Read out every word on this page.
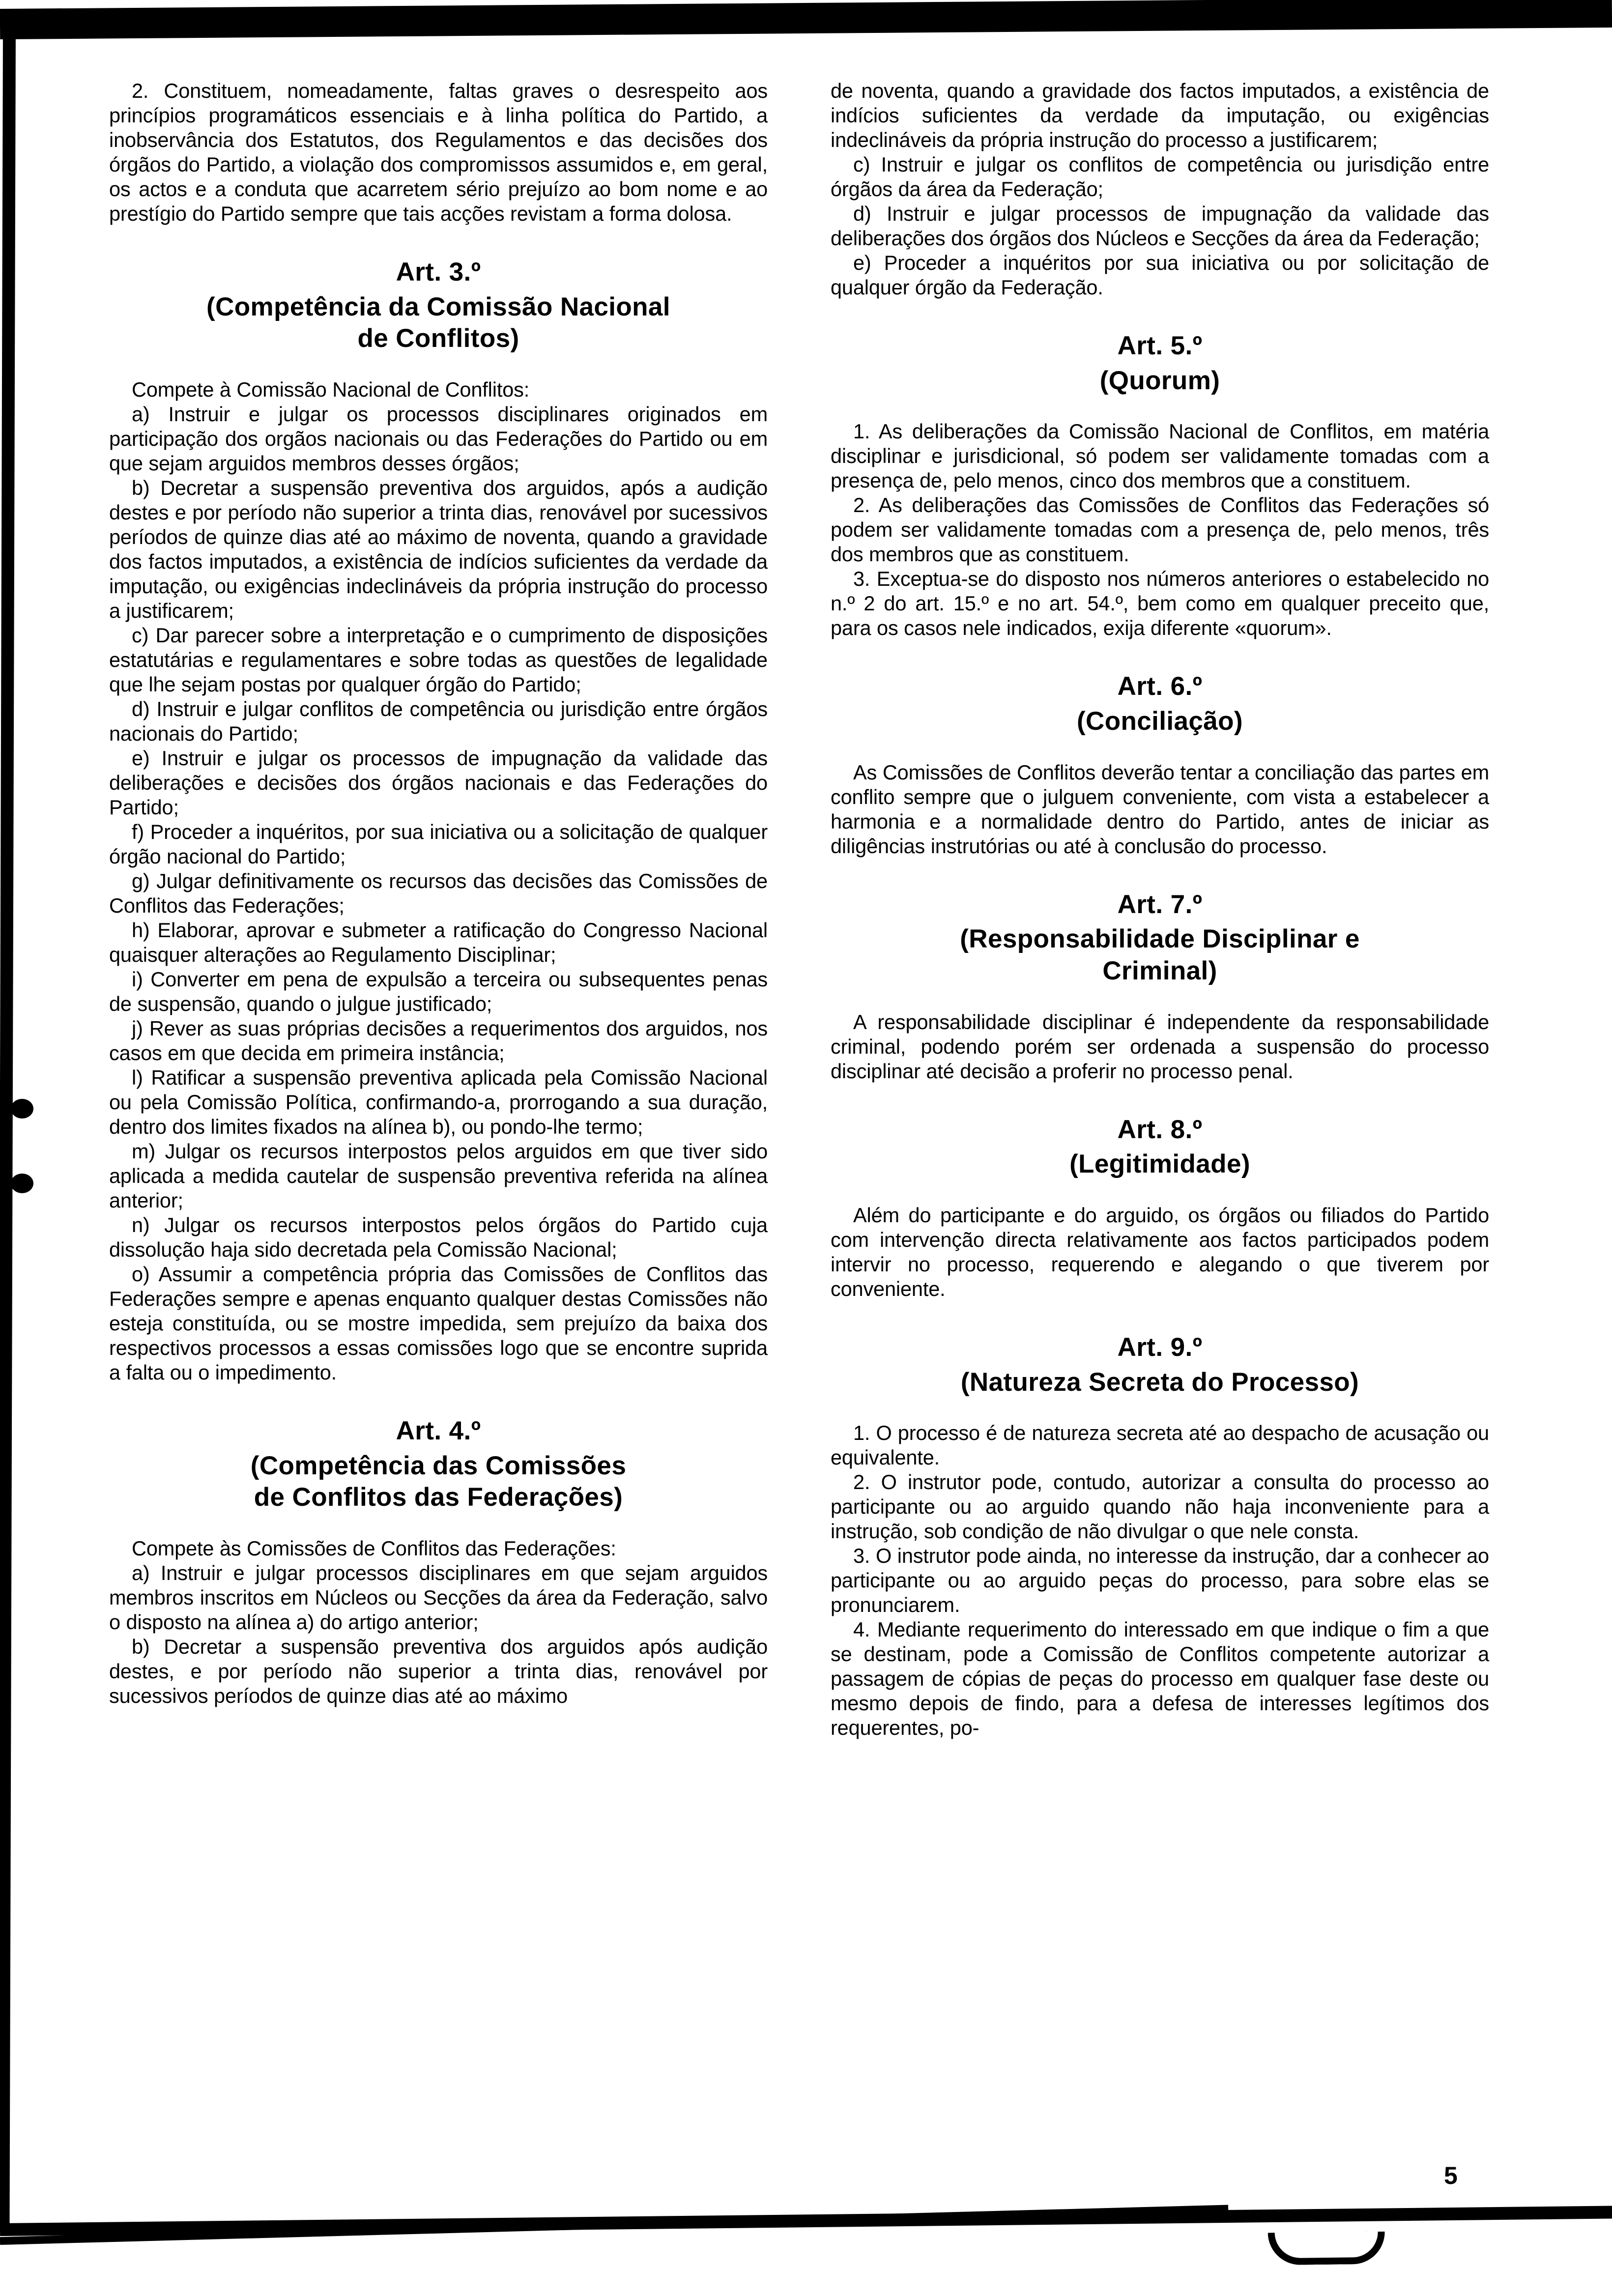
2. Constituem, nomeadamente, faltas graves o desrespeito aos princípios programáticos essenciais e à linha política do Partido, a inobservância dos Estatutos, dos Regulamentos e das decisões dos órgãos do Partido, a violação dos compromissos assumidos e, em geral, os actos e a conduta que acarretem sério prejuízo ao bom nome e ao prestígio do Partido sempre que tais acções revistam a forma dolosa.

Art. 3.º
(Competência da Comissão Nacional
de Conflitos)

Compete à Comissão Nacional de Conflitos:

a) Instruir e julgar os processos disciplinares originados em participação dos orgãos nacionais ou das Federações do Partido ou em que sejam arguidos membros desses órgãos;

b) Decretar a suspensão preventiva dos arguidos, após a audição destes e por período não superior a trinta dias, renovável por sucessivos períodos de quinze dias até ao máximo de noventa, quando a gravidade dos factos imputados, a existência de indícios suficientes da verdade da imputação, ou exigências indeclináveis da própria instrução do processo a justificarem;

c) Dar parecer sobre a interpretação e o cumprimento de disposições estatutárias e regulamentares e sobre todas as questões de legalidade que lhe sejam postas por qualquer órgão do Partido;

d) Instruir e julgar conflitos de competência ou jurisdição entre órgãos nacionais do Partido;

e) Instruir e julgar os processos de impugnação da validade das deliberações e decisões dos órgãos nacionais e das Federações do Partido;

f) Proceder a inquéritos, por sua iniciativa ou a solicitação de qualquer órgão nacional do Partido;

g) Julgar definitivamente os recursos das decisões das Comissões de Conflitos das Federações;

h) Elaborar, aprovar e submeter a ratificação do Congresso Nacional quaisquer alterações ao Regulamento Disciplinar;

i) Converter em pena de expulsão a terceira ou subsequentes penas de suspensão, quando o julgue justificado;

j) Rever as suas próprias decisões a requerimentos dos arguidos, nos casos em que decida em primeira instância;

l) Ratificar a suspensão preventiva aplicada pela Comissão Nacional ou pela Comissão Política, confirmando-a, prorrogando a sua duração, dentro dos limites fixados na alínea b), ou pondo-lhe termo;

m) Julgar os recursos interpostos pelos arguidos em que tiver sido aplicada a medida cautelar de suspensão preventiva referida na alínea anterior;

n) Julgar os recursos interpostos pelos órgãos do Partido cuja dissolução haja sido decretada pela Comissão Nacional;

o) Assumir a competência própria das Comissões de Conflitos das Federações sempre e apenas enquanto qualquer destas Comissões não esteja constituída, ou se mostre impedida, sem prejuízo da baixa dos respectivos processos a essas comissões logo que se encontre suprida a falta ou o impedimento.

Art. 4.º
(Competência das Comissões
de Conflitos das Federações)

Compete às Comissões de Conflitos das Federações:

a) Instruir e julgar processos disciplinares em que sejam arguidos membros inscritos em Núcleos ou Secções da área da Federação, salvo o disposto na alínea a) do artigo anterior;

b) Decretar a suspensão preventiva dos arguidos após audição destes, e por período não superior a trinta dias, renovável por sucessivos períodos de quinze dias até ao máximo

de noventa, quando a gravidade dos factos imputados, a existência de indícios suficientes da verdade da imputação, ou exigências indeclináveis da própria instrução do processo a justificarem;

c) Instruir e julgar os conflitos de competência ou jurisdição entre órgãos da área da Federação;

d) Instruir e julgar processos de impugnação da validade das deliberações dos órgãos dos Núcleos e Secções da área da Federação;

e) Proceder a inquéritos por sua iniciativa ou por solicitação de qualquer órgão da Federação.

Art. 5.º
(Quorum)

1. As deliberações da Comissão Nacional de Conflitos, em matéria disciplinar e jurisdicional, só podem ser validamente tomadas com a presença de, pelo menos, cinco dos membros que a constituem.

2. As deliberações das Comissões de Conflitos das Federações só podem ser validamente tomadas com a presença de, pelo menos, três dos membros que as constituem.

3. Exceptua-se do disposto nos números anteriores o estabelecido no n.º 2 do art. 15.º e no art. 54.º, bem como em qualquer preceito que, para os casos nele indicados, exija diferente «quorum».

Art. 6.º
(Conciliação)

As Comissões de Conflitos deverão tentar a conciliação das partes em conflito sempre que o julguem conveniente, com vista a estabelecer a harmonia e a normalidade dentro do Partido, antes de iniciar as diligências instrutórias ou até à conclusão do processo.

Art. 7.º
(Responsabilidade Disciplinar e
Criminal)

A responsabilidade disciplinar é independente da responsabilidade criminal, podendo porém ser ordenada a suspensão do processo disciplinar até decisão a proferir no processo penal.

Art. 8.º
(Legitimidade)

Além do participante e do arguido, os órgãos ou filiados do Partido com intervenção directa relativamente aos factos participados podem intervir no processo, requerendo e alegando o que tiverem por conveniente.

Art. 9.º
(Natureza Secreta do Processo)

1. O processo é de natureza secreta até ao despacho de acusação ou equivalente.

2. O instrutor pode, contudo, autorizar a consulta do processo ao participante ou ao arguido quando não haja inconveniente para a instrução, sob condição de não divulgar o que nele consta.

3. O instrutor pode ainda, no interesse da instrução, dar a conhecer ao participante ou ao arguido peças do processo, para sobre elas se pronunciarem.

4. Mediante requerimento do interessado em que indique o fim a que se destinam, pode a Comissão de Conflitos competente autorizar a passagem de cópias de peças do processo em qualquer fase deste ou mesmo depois de findo, para a defesa de interesses legítimos dos requerentes, po-

5
